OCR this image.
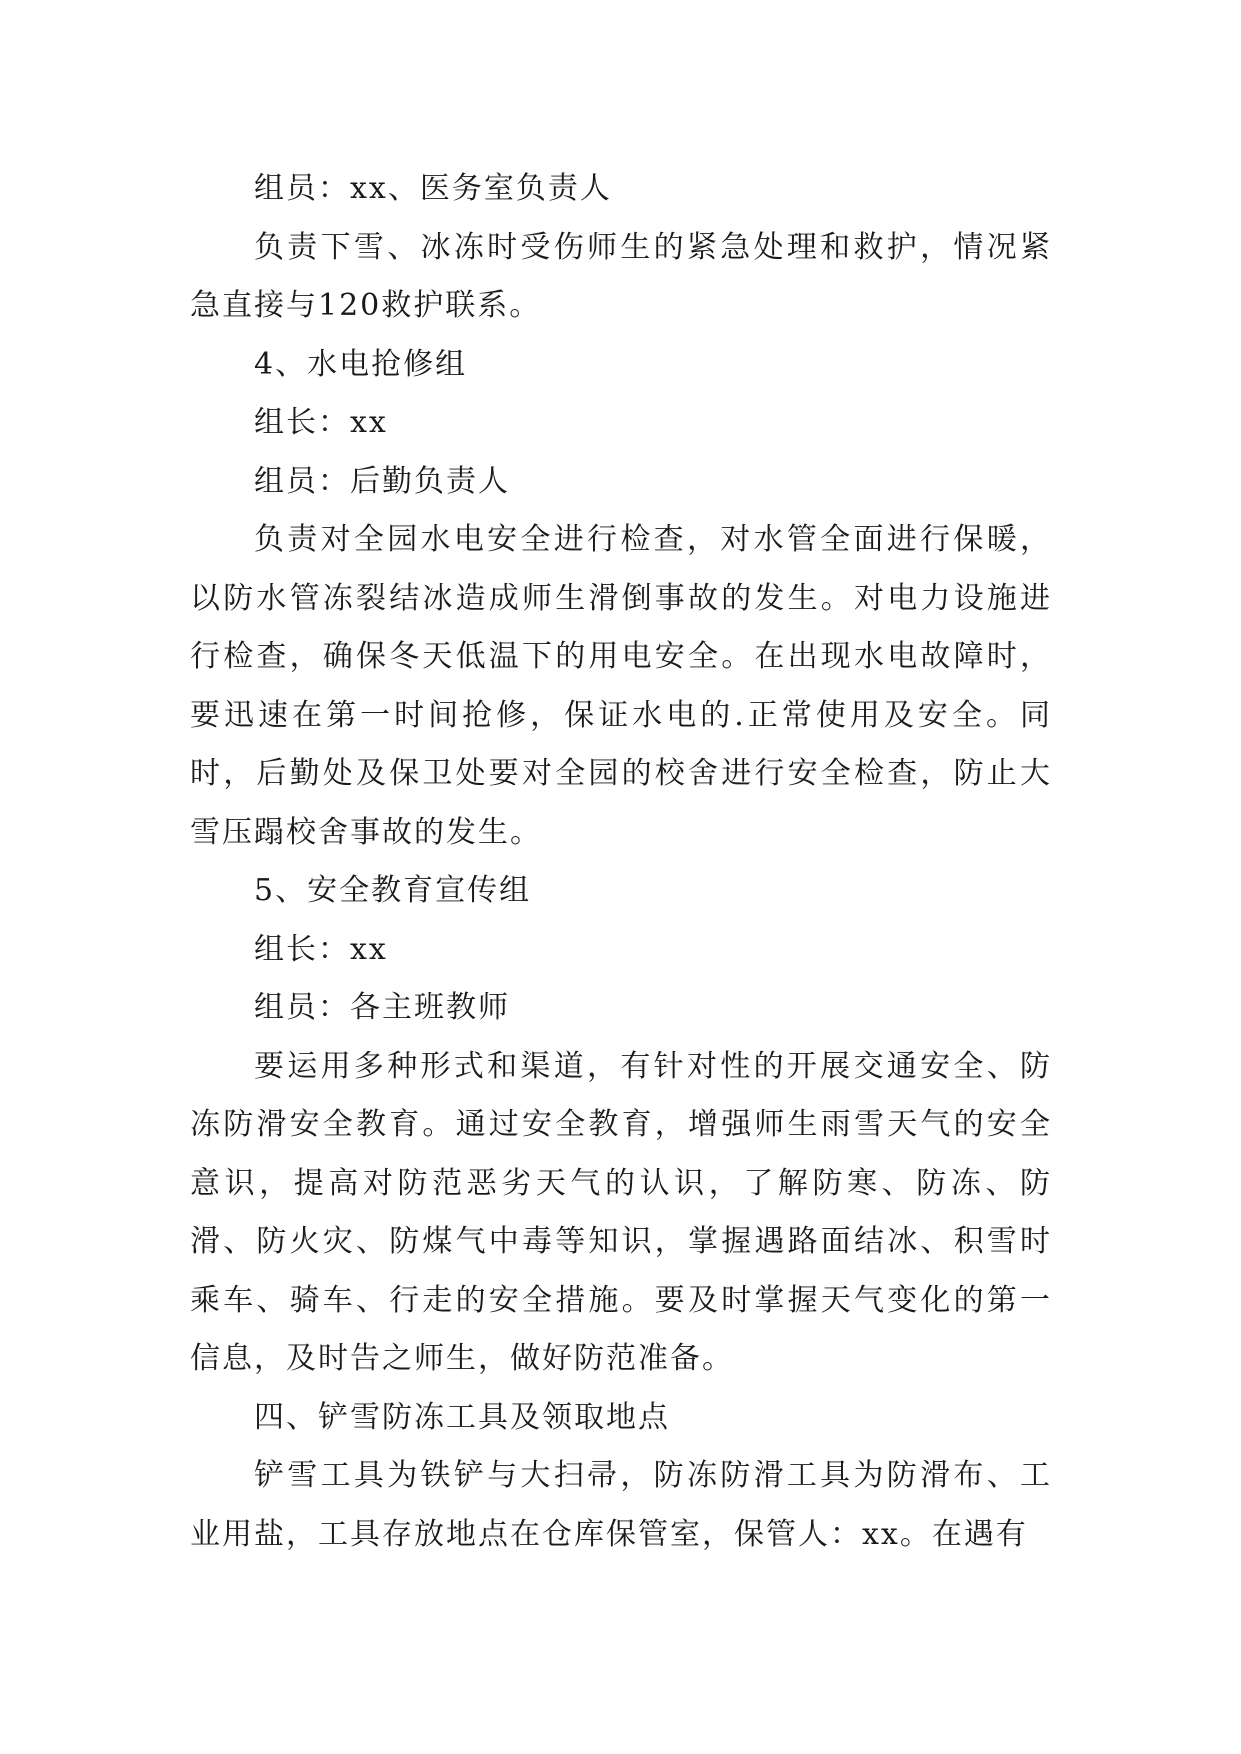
组员：xx、医务室负责人

负责下雪、冰冻时受伤师生的紧急处理和救护，情况紧急直接与120救护联系。

4、水电抢修组

组长：xx

组员：后勤负责人

负责对全园水电安全进行检查，对水管全面进行保暖，以防水管冻裂结冰造成师生滑倒事故的发生。对电力设施进行检查，确保冬天低温下的用电安全。在出现水电故障时，要迅速在第一时间抢修，保证水电的.正常使用及安全。同时，后勤处及保卫处要对全园的校舍进行安全检查，防止大雪压蹋校舍事故的发生。

5、安全教育宣传组

组长：xx

组员：各主班教师

要运用多种形式和渠道，有针对性的开展交通安全、防冻防滑安全教育。通过安全教育，增强师生雨雪天气的安全意识，提高对防范恶劣天气的认识，了解防寒、防冻、防滑、防火灾、防煤气中毒等知识，掌握遇路面结冰、积雪时乘车、骑车、行走的安全措施。要及时掌握天气变化的第一信息，及时告之师生，做好防范准备。

四、铲雪防冻工具及领取地点

铲雪工具为铁铲与大扫帚，防冻防滑工具为防滑布、工业用盐，工具存放地点在仓库保管室，保管人：xx。在遇有
